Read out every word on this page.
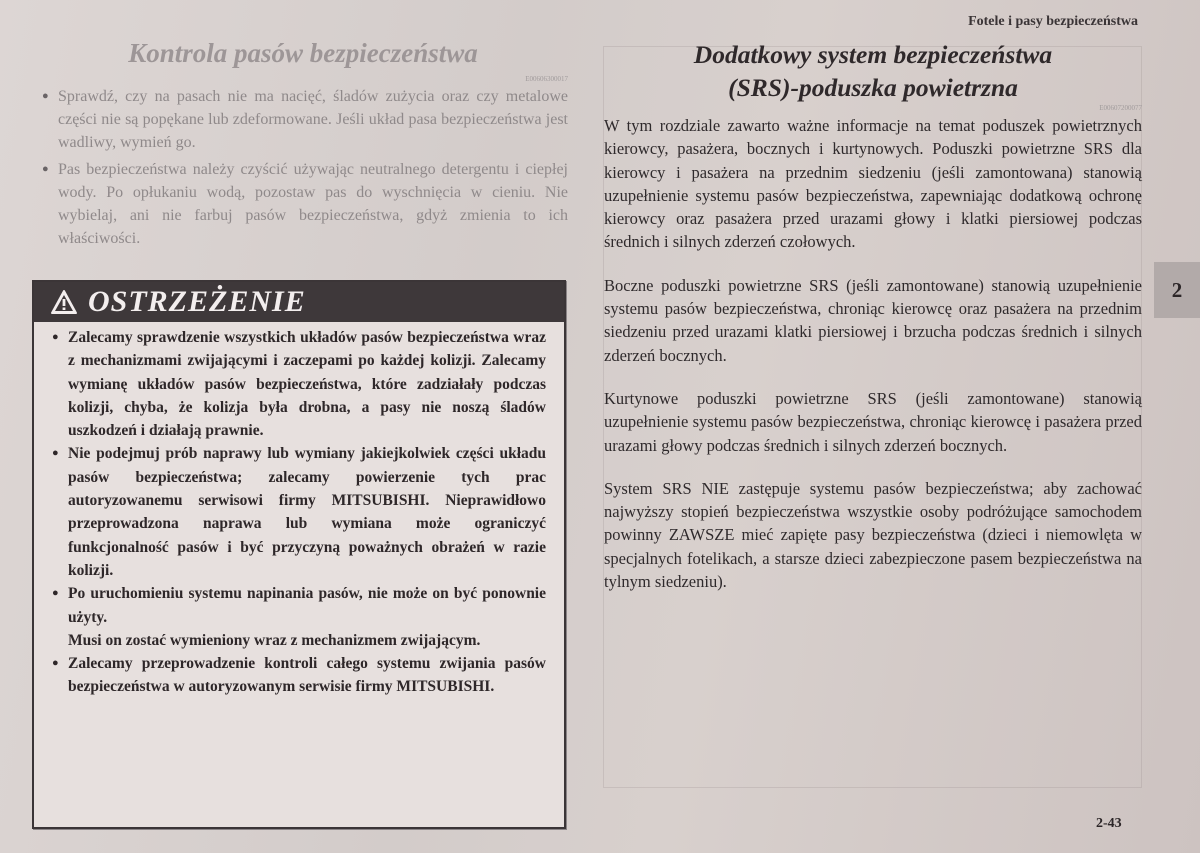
Fotele i pasy bezpieczeństwa
Kontrola pasów bezpieczeństwa
E00606300017
● Sprawdź, czy na pasach nie ma nacięć, śladów zużycia oraz czy metalowe części nie są popękane lub zdeformowane. Jeśli układ pasa bezpieczeństwa jest wadliwy, wymień go.
● Pas bezpieczeństwa należy czyścić używając neutralnego detergentu i ciepłej wody. Po opłukaniu wodą, pozostaw pas do wyschnięcia w cieniu. Nie wybielaj, ani nie farbuj pasów bezpieczeństwa, gdyż zmienia to ich właściwości.
OSTRZEŻENIE
● Zalecamy sprawdzenie wszystkich układów pasów bezpieczeństwa wraz z mechanizmami zwijającymi i zaczepami po każdej kolizji. Zalecamy wymianę układów pasów bezpieczeństwa, które zadziałały podczas kolizji, chyba, że kolizja była drobna, a pasy nie noszą śladów uszkodzeń i działają prawnie.
● Nie podejmuj prób naprawy lub wymiany jakiejkolwiek części układu pasów bezpieczeństwa; zalecamy powierzenie tych prac autoryzowanemu serwisowi firmy MITSUBISHI. Nieprawidłowo przeprowadzona naprawa lub wymiana może ograniczyć funkcjonalność pasów i być przyczyną poważnych obrażeń w razie kolizji.
● Po uruchomieniu systemu napinania pasów, nie może on być ponownie użyty.
Musi on zostać wymieniony wraz z mechanizmem zwijającym.
● Zalecamy przeprowadzenie kontroli całego systemu zwijania pasów bezpieczeństwa w autoryzowanym serwisie firmy MITSUBISHI.
Dodatkowy system bezpieczeństwa
(SRS)-poduszka powietrzna
E00607200077

W tym rozdziale zawarto ważne informacje na temat poduszek powietrznych kierowcy, pasażera, bocznych i kurtynowych. Poduszki powietrzne SRS dla kierowcy i pasażera na przednim siedzeniu (jeśli zamontowana) stanowią uzupełnienie systemu pasów bezpieczeństwa, zapewniając dodatkową ochronę kierowcy oraz pasażera przed urazami głowy i klatki piersiowej podczas średnich i silnych zderzeń czołowych.

Boczne poduszki powietrzne SRS (jeśli zamontowane) stanowią uzupełnienie systemu pasów bezpieczeństwa, chroniąc kierowcę oraz pasażera na przednim siedzeniu przed urazami klatki piersiowej i brzucha podczas średnich i silnych zderzeń bocznych.

Kurtynowe poduszki powietrzne SRS (jeśli zamontowane) stanowią uzupełnienie systemu pasów bezpieczeństwa, chroniąc kierowcę i pasażera przed urazami głowy podczas średnich i silnych zderzeń bocznych.

System SRS NIE zastępuje systemu pasów bezpieczeństwa; aby zachować najwyższy stopień bezpieczeństwa wszystkie osoby podróżujące samochodem powinny ZAWSZE mieć zapięte pasy bezpieczeństwa (dzieci i niemowlęta w specjalnych fotelikach, a starsze dzieci zabezpieczone pasem bezpieczeństwa na tylnym siedzeniu).

2
2-43
